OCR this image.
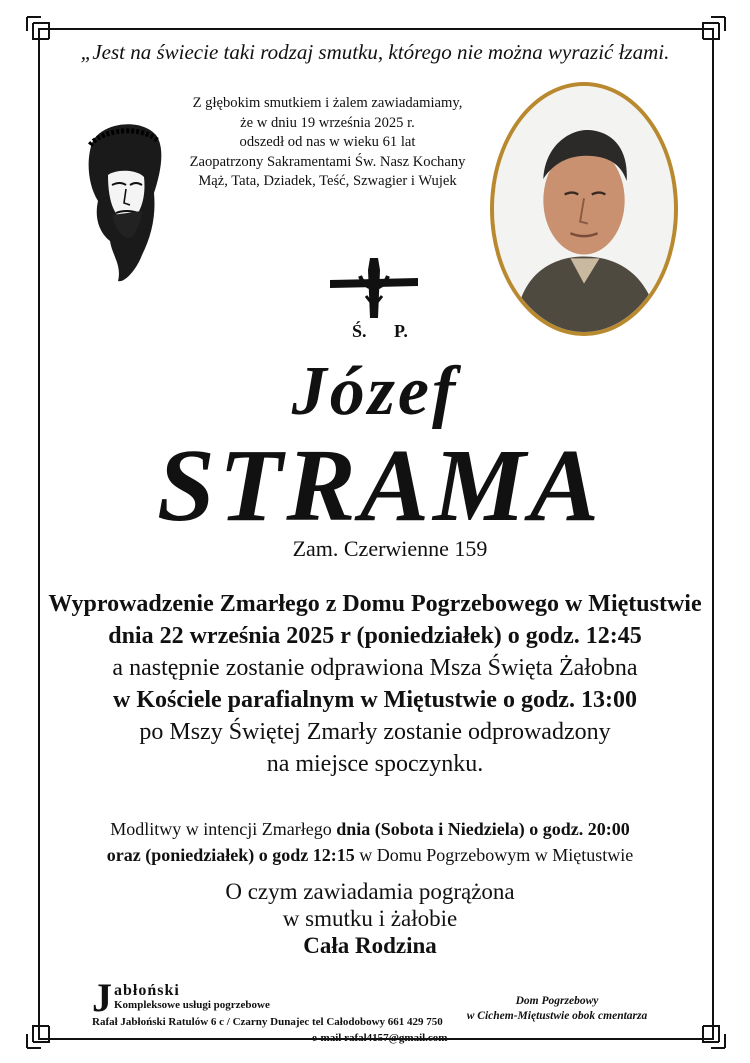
„Jest na świecie taki rodzaj smutku, którego nie można wyrazić łzami.
Z głębokim smutkiem i żalem zawiadamiamy,
że w dniu 19 września 2025 r.
odszedł od nas w wieku 61 lat
Zaopatrzony Sakramentami Św. Nasz Kochany
Mąż, Tata, Dziadek, Teść, Szwagier i Wujek
Ś. P.
Józef
STRAMA
Zam. Czerwienne 159
Wyprowadzenie Zmarłego z Domu Pogrzebowego w Miętustwie
dnia 22 września 2025 r (poniedziałek) o godz. 12:45
a następnie zostanie odprawiona Msza Święta Żałobna
w Kościele parafialnym w Miętustwie o godz. 13:00
po Mszy Świętej Zmarły zostanie odprowadzony
na miejsce spoczynku.
Modlitwy w intencji Zmarłego dnia (Sobota i Niedziela) o godz. 20:00
oraz (poniedziałek) o godz 12:15 w Domu Pogrzebowym w Miętustwie
O czym zawiadamia pogrążona
w smutku i żałobie
Cała Rodzina
J abłoński
Kompleksowe usługi pogrzebowe
Rafał Jabłoński Ratulów 6 c / Czarny Dunajec tel Całodobowy 661 429 750
e-mail rafal4157@gmail.com
Dom Pogrzebowy
w Cichem-Miętustwie obok cmentarza
